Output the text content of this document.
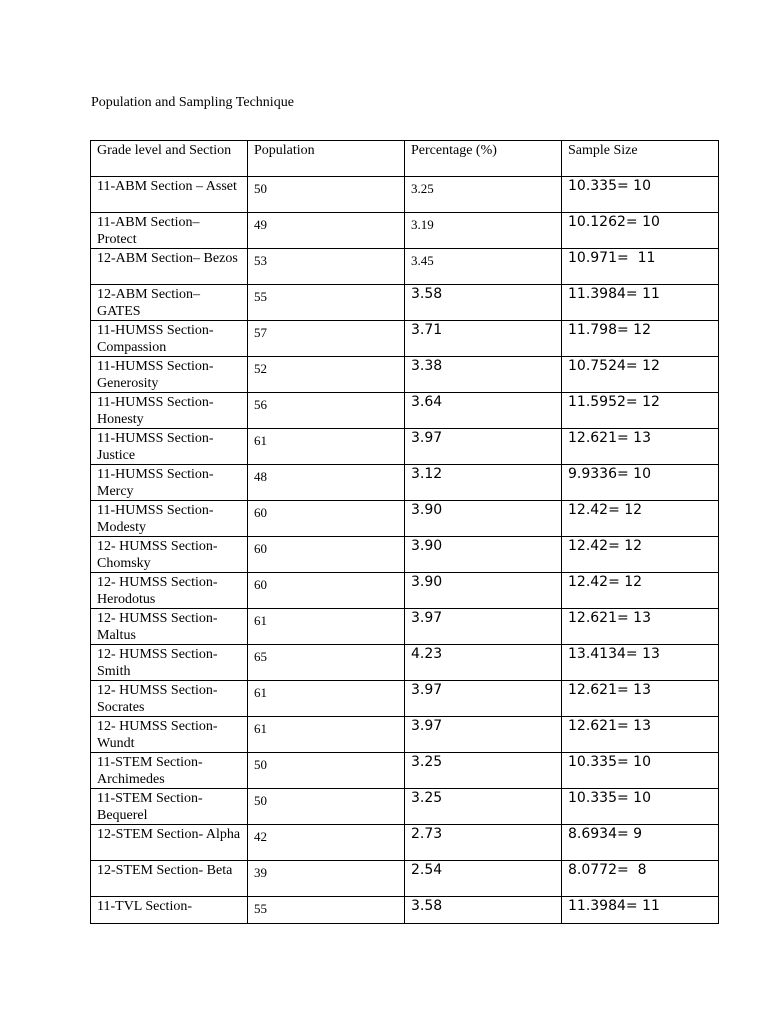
Population and Sampling Technique
Grade level and Section	Population	Percentage (%)	Sample Size

11-ABM Section – Asset	50	3.25	10.335= 10

11-ABM Section– Protect	49	3.19	10.1262= 10

12-ABM Section– Bezos	53	3.45	10.971=  11

12-ABM Section– GATES	55	3.58	11.3984= 11

11-HUMSS Section- Compassion	57	3.71	11.798= 12

11-HUMSS Section- Generosity	52	3.38	10.7524= 12

11-HUMSS Section- Honesty	56	3.64	11.5952= 12

11-HUMSS Section- Justice	61	3.97	12.621= 13

11-HUMSS Section- Mercy	48	3.12	9.9336= 10

11-HUMSS Section- Modesty	60	3.90	12.42= 12

12- HUMSS Section- Chomsky	60	3.90	12.42= 12

12- HUMSS Section- Herodotus	60	3.90	12.42= 12

12- HUMSS Section- Maltus	61	3.97	12.621= 13

12- HUMSS Section- Smith	65	4.23	13.4134= 13

12- HUMSS Section- Socrates	61	3.97	12.621= 13

12- HUMSS Section- Wundt	61	3.97	12.621= 13

11-STEM Section- Archimedes	50	3.25	10.335= 10

11-STEM Section- Bequerel	50	3.25	10.335= 10

12-STEM Section- Alpha	42	2.73	8.6934= 9

12-STEM Section- Beta	39	2.54	8.0772=  8

11-TVL Section-	55	3.58	11.3984= 11
